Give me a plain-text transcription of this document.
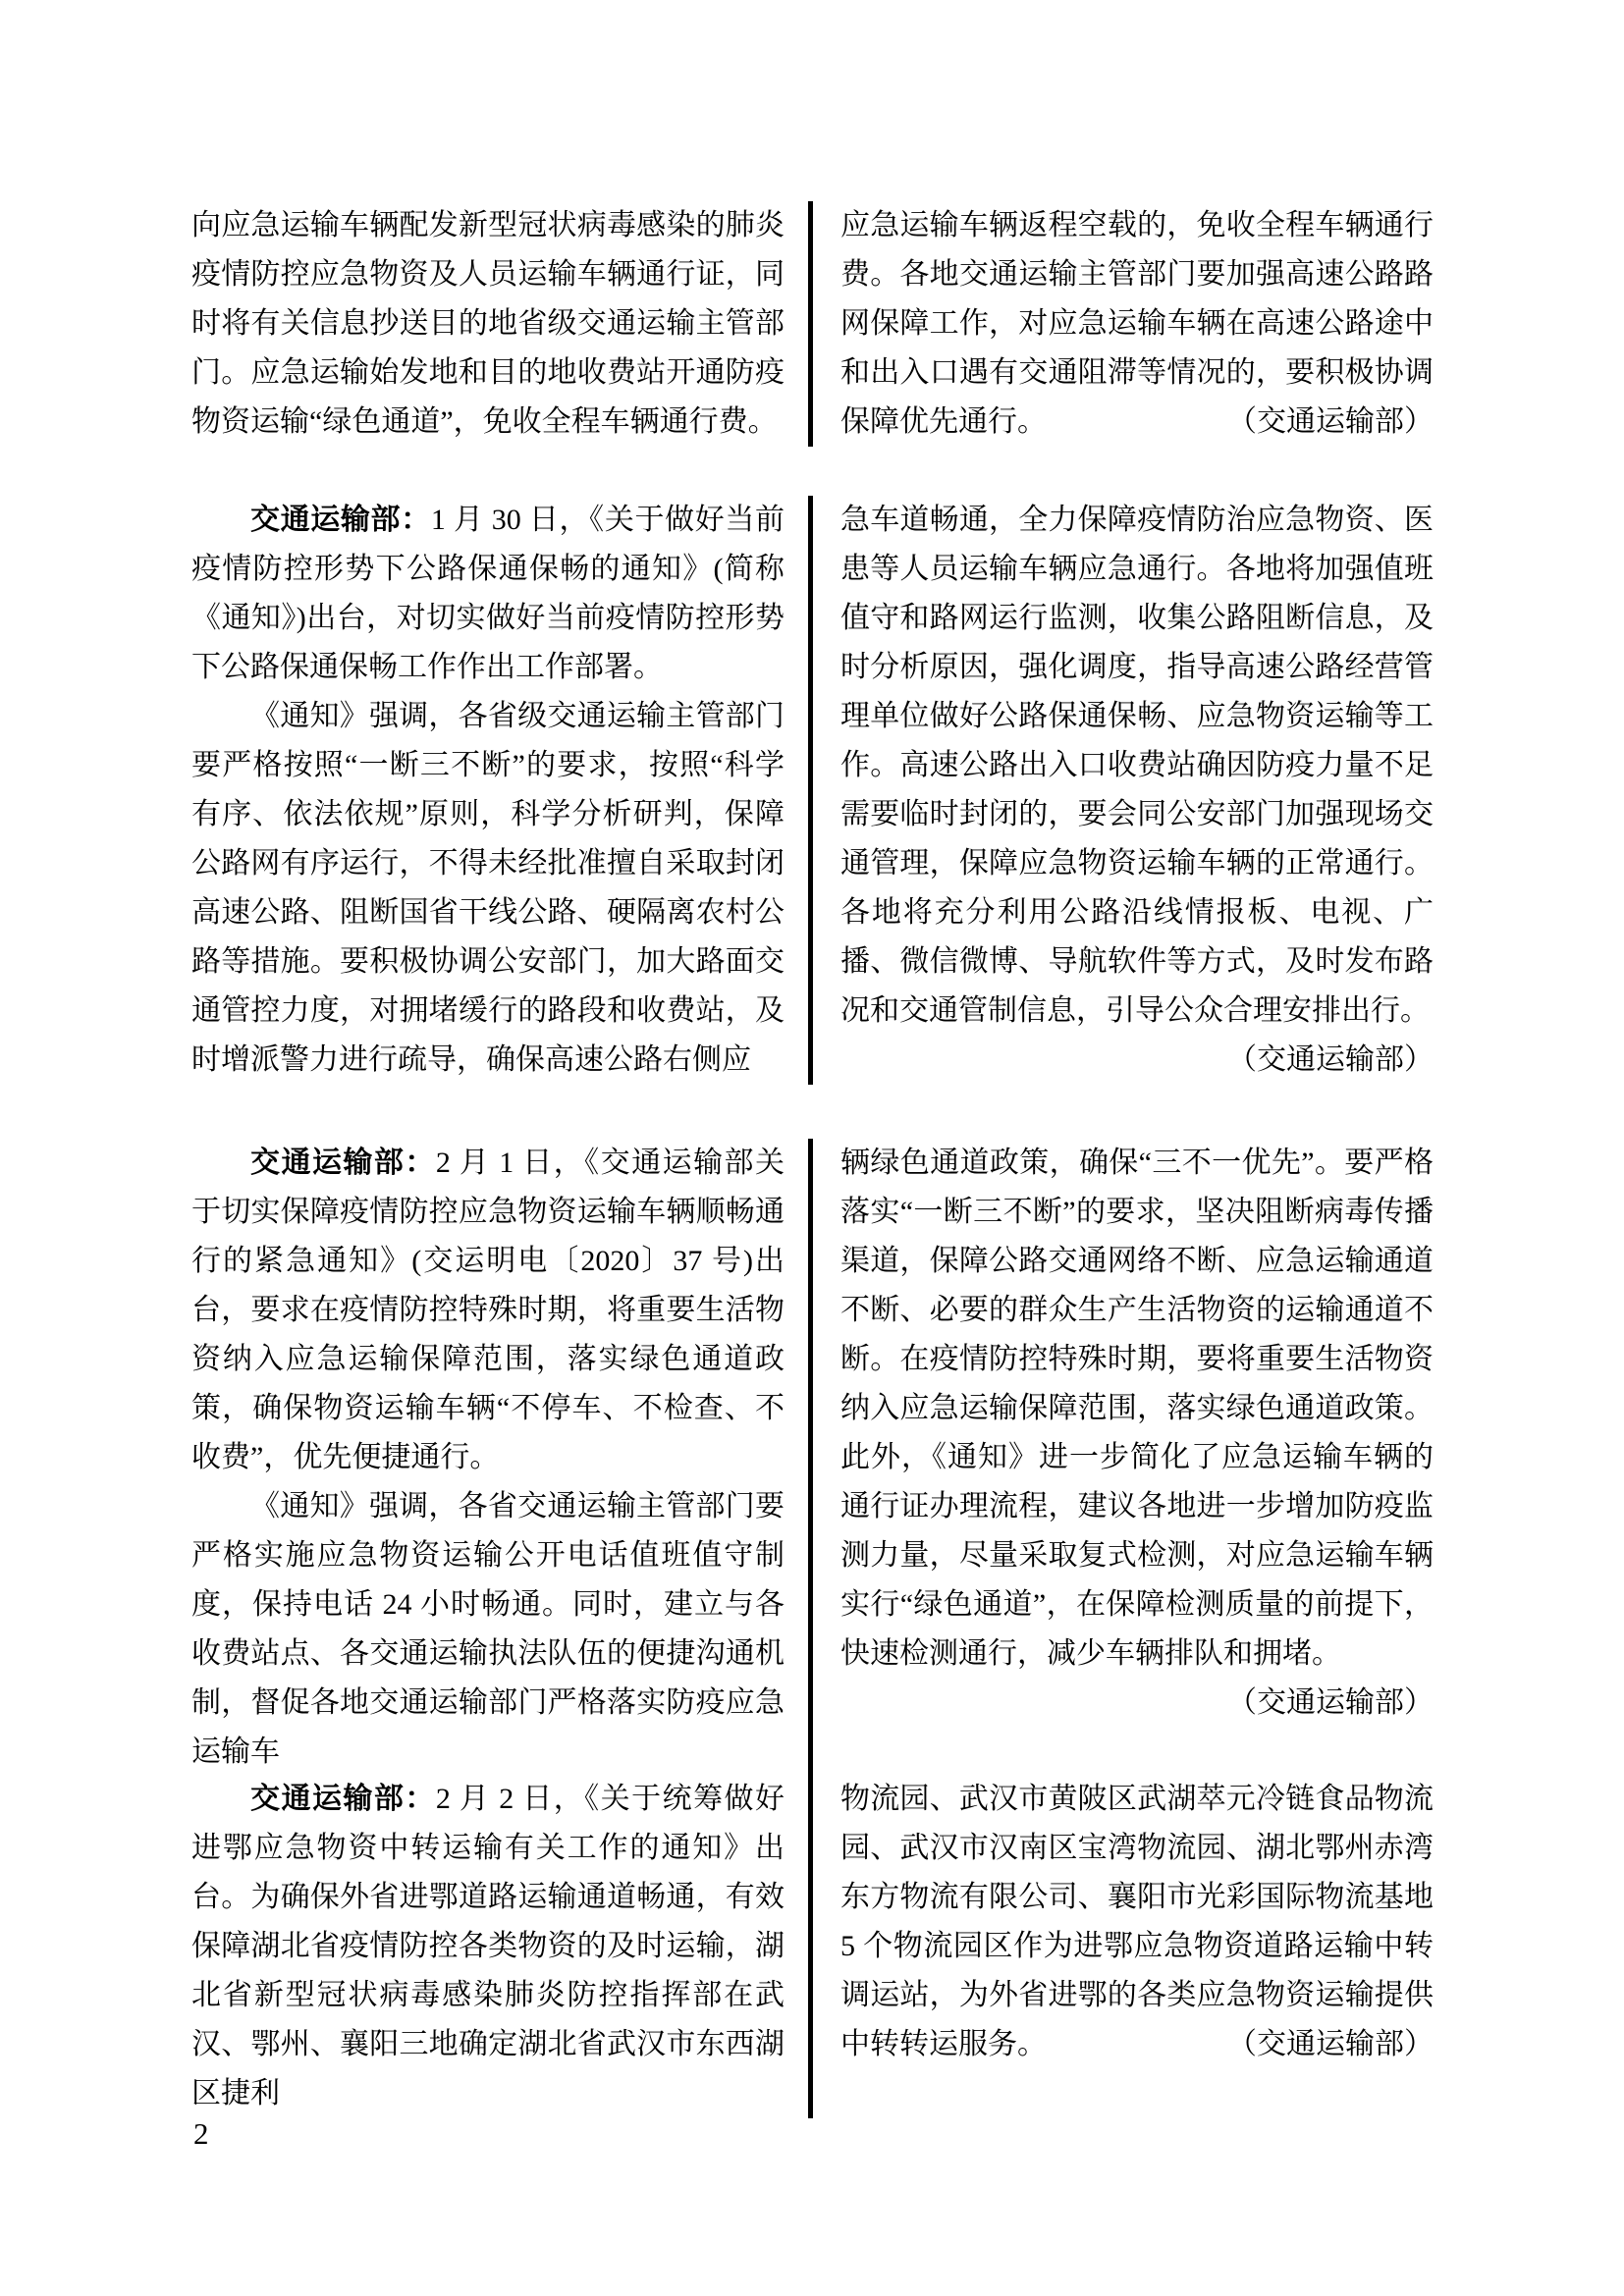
向应急运输车辆配发新型冠状病毒感染的肺炎疫情防控应急物资及人员运输车辆通行证，同时将有关信息抄送目的地省级交通运输主管部门。应急运输始发地和目的地收费站开通防疫物资运输“绿色通道”，免收全程车辆通行费。

应急运输车辆返程空载的，免收全程车辆通行费。各地交通运输主管部门要加强高速公路路网保障工作，对应急运输车辆在高速公路途中和出入口遇有交通阻滞等情况的，要积极协调保障优先通行。	（交通运输部）

交通运输部：1 月 30 日，《关于做好当前疫情防控形势下公路保通保畅的通知》(简称《通知》)出台，对切实做好当前疫情防控形势下公路保通保畅工作作出工作部署。

《通知》强调，各省级交通运输主管部门要严格按照“一断三不断”的要求，按照“科学有序、依法依规”原则，科学分析研判，保障公路网有序运行，不得未经批准擅自采取封闭高速公路、阻断国省干线公路、硬隔离农村公路等措施。要积极协调公安部门，加大路面交通管控力度，对拥堵缓行的路段和收费站，及时增派警力进行疏导，确保高速公路右侧应

急车道畅通，全力保障疫情防治应急物资、医患等人员运输车辆应急通行。各地将加强值班值守和路网运行监测，收集公路阻断信息，及时分析原因，强化调度，指导高速公路经营管理单位做好公路保通保畅、应急物资运输等工作。高速公路出入口收费站确因防疫力量不足需要临时封闭的，要会同公安部门加强现场交通管理，保障应急物资运输车辆的正常通行。各地将充分利用公路沿线情报板、电视、广播、微信微博、导航软件等方式，及时发布路况和交通管制信息，引导公众合理安排出行。

（交通运输部）

交通运输部：2 月 1 日，《交通运输部关于切实保障疫情防控应急物资运输车辆顺畅通行的紧急通知》(交运明电〔2020〕37 号)出台，要求在疫情防控特殊时期，将重要生活物资纳入应急运输保障范围，落实绿色通道政策，确保物资运输车辆“不停车、不检查、不收费”，优先便捷通行。

《通知》强调，各省交通运输主管部门要严格实施应急物资运输公开电话值班值守制度，保持电话 24 小时畅通。同时，建立与各收费站点、各交通运输执法队伍的便捷沟通机制，督促各地交通运输部门严格落实防疫应急运输车

辆绿色通道政策，确保“三不一优先”。要严格落实“一断三不断”的要求，坚决阻断病毒传播渠道，保障公路交通网络不断、应急运输通道不断、必要的群众生产生活物资的运输通道不断。在疫情防控特殊时期，要将重要生活物资纳入应急运输保障范围，落实绿色通道政策。此外，《通知》进一步简化了应急运输车辆的通行证办理流程，建议各地进一步增加防疫监测力量，尽量采取复式检测，对应急运输车辆实行“绿色通道”，在保障检测质量的前提下，快速检测通行，减少车辆排队和拥堵。

（交通运输部）

交通运输部：2 月 2 日，《关于统筹做好进鄂应急物资中转运输有关工作的通知》出台。为确保外省进鄂道路运输通道畅通，有效保障湖北省疫情防控各类物资的及时运输，湖北省新型冠状病毒感染肺炎防控指挥部在武汉、鄂州、襄阳三地确定湖北省武汉市东西湖区捷利

物流园、武汉市黄陂区武湖萃元冷链食品物流园、武汉市汉南区宝湾物流园、湖北鄂州赤湾东方物流有限公司、襄阳市光彩国际物流基地 5 个物流园区作为进鄂应急物资道路运输中转调运站，为外省进鄂的各类应急物资运输提供中转转运服务。	（交通运输部）
2
